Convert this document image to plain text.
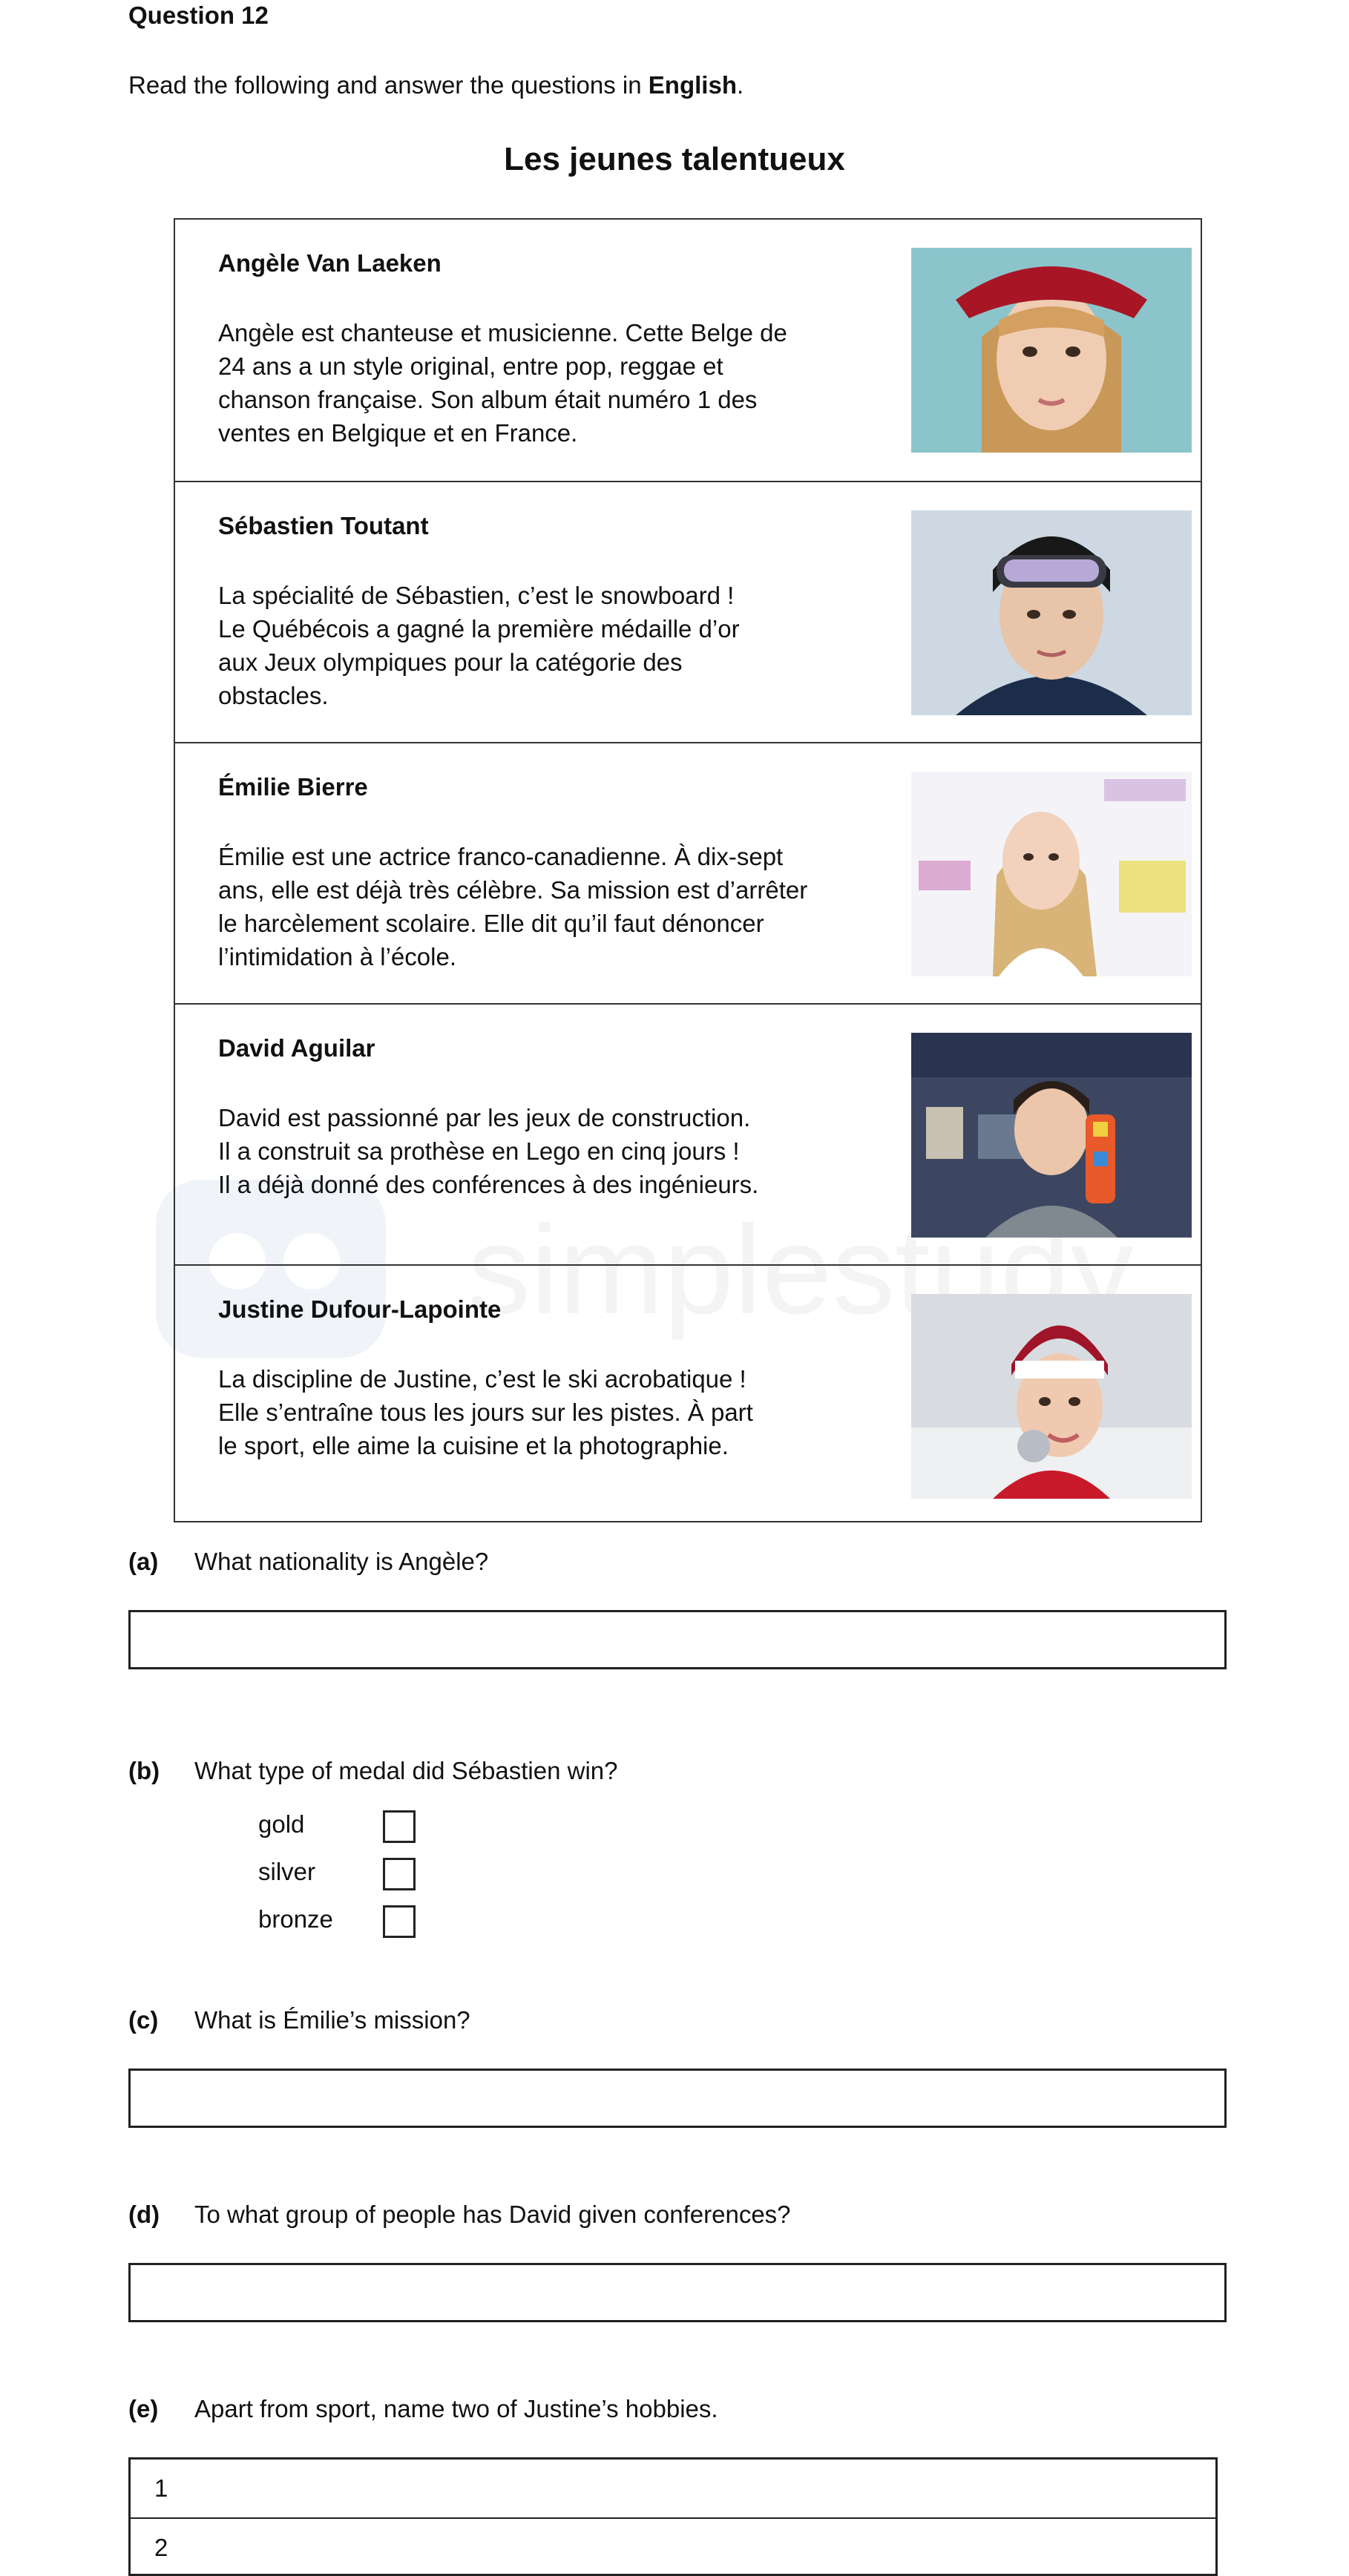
Question 12
Read the following and answer the questions in English.
Les jeunes talentueux
simplestudy
Angèle Van Laeken
Angèle est chanteuse et musicienne. Cette Belge de
24 ans a un style original, entre pop, reggae et
chanson française. Son album était numéro 1 des
ventes en Belgique et en France.
Sébastien Toutant
La spécialité de Sébastien, c’est le snowboard !
Le Québécois a gagné la première médaille d’or
aux Jeux olympiques pour la catégorie des
obstacles.
Émilie Bierre
Émilie est une actrice franco-canadienne. À dix-sept
ans, elle est déjà très célèbre. Sa mission est d’arrêter
le harcèlement scolaire. Elle dit qu’il faut dénoncer
l’intimidation à l’école.
David Aguilar
David est passionné par les jeux de construction.
Il a construit sa prothèse en Lego en cinq jours !
Il a déjà donné des conférences à des ingénieurs.
Justine Dufour-Lapointe
La discipline de Justine, c’est le ski acrobatique !
Elle s’entraîne tous les jours sur les pistes. À part
le sport, elle aime la cuisine et la photographie.
(a) What nationality is Angèle?
(b) What type of medal did Sébastien win?
gold
silver
bronze
(c) What is Émilie’s mission?
(d) To what group of people has David given conferences?
(e) Apart from sport, name two of Justine’s hobbies.
1
2
